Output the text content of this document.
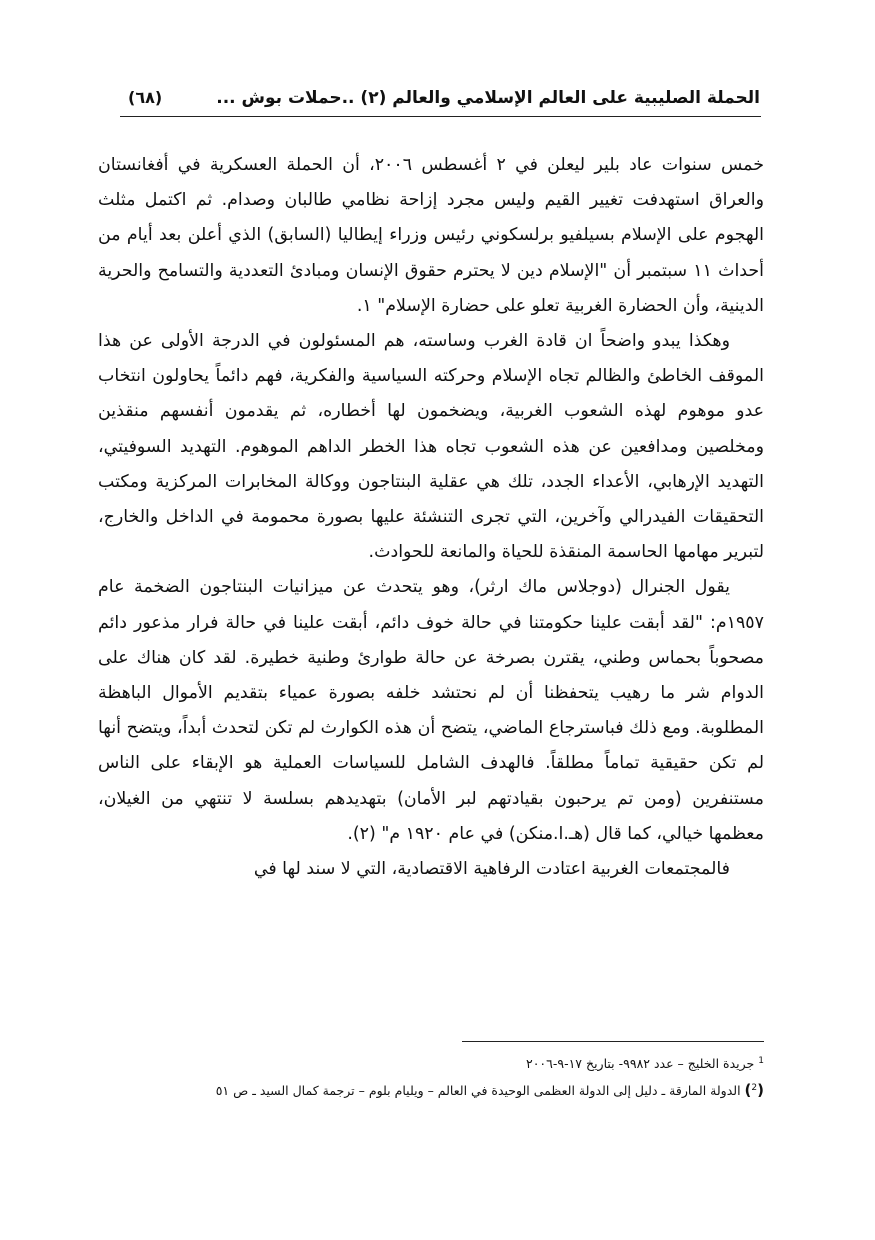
الحملة الصليبية على العالم الإسلامي والعالم (٢) ..حملات بوش ...
(٦٨)

خمس سنوات عاد بلير ليعلن في ٢ أغسطس ٢٠٠٦، أن الحملة العسكرية في أفغانستان والعراق استهدفت تغيير القيم وليس مجرد إزاحة نظامي طالبان وصدام. ثم اكتمل مثلث الهجوم على الإسلام بسيلفيو برلسكوني رئيس وزراء إيطاليا (السابق) الذي أعلن بعد أيام من أحداث ١١ سبتمبر أن "الإسلام دين لا يحترم حقوق الإنسان ومبادئ التعددية والتسامح والحرية الدينية، وأن الحضارة الغربية تعلو على حضارة الإسلام" ١.

وهكذا يبدو واضحاً ان قادة الغرب وساسته، هم المسئولون في الدرجة الأولى عن هذا الموقف الخاطئ والظالم تجاه الإسلام وحركته السياسية والفكرية، فهم دائماً يحاولون انتخاب عدو موهوم لهذه الشعوب الغربية، ويضخمون لها أخطاره، ثم يقدمون أنفسهم منقذين ومخلصين ومدافعين عن هذه الشعوب تجاه هذا الخطر الداهم الموهوم. التهديد السوفيتي، التهديد الإرهابي، الأعداء الجدد، تلك هي عقلية البنتاجون ووكالة المخابرات المركزية ومكتب التحقيقات الفيدرالي وآخرين، التي تجرى التنشئة عليها بصورة محمومة في الداخل والخارج، لتبرير مهامها الحاسمة المنقذة للحياة والمانعة للحوادث.

يقول الجنرال (دوجلاس ماك ارثر)، وهو يتحدث عن ميزانيات البنتاجون الضخمة عام ١٩٥٧م: "لقد أبقت علينا حكومتنا في حالة خوف دائم، أبقت علينا في حالة فرار مذعور دائم مصحوباً بحماس وطني، يقترن بصرخة عن حالة طوارئ وطنية خطيرة. لقد كان هناك على الدوام شر ما رهيب يتحفظنا أن لم نحتشد خلفه بصورة عمياء بتقديم الأموال الباهظة المطلوبة. ومع ذلك فباسترجاع الماضي، يتضح أن هذه الكوارث لم تكن لتحدث أبداً، ويتضح أنها لم تكن حقيقية تماماً مطلقاً. فالهدف الشامل للسياسات العملية هو الإبقاء على الناس مستنفرين (ومن تم يرحبون بقيادتهم لبر الأمان) بتهديدهم بسلسة لا تنتهي من الغيلان، معظمها خيالي، كما قال (هـ.ا.منكن) في عام ١٩٢٠ م" (٢).

فالمجتمعات الغربية اعتادت الرفاهية الاقتصادية، التي لا سند لها في

$^1$ جريدة الخليج – عدد ٩٩٨٢- بتاريخ ١٧-٩-٢٠٠٦

($^2$) الدولة المارقة ـ دليل إلى الدولة العظمى الوحيدة في العالم – ويليام بلوم – ترجمة كمال السيد ـ ص ٥١
